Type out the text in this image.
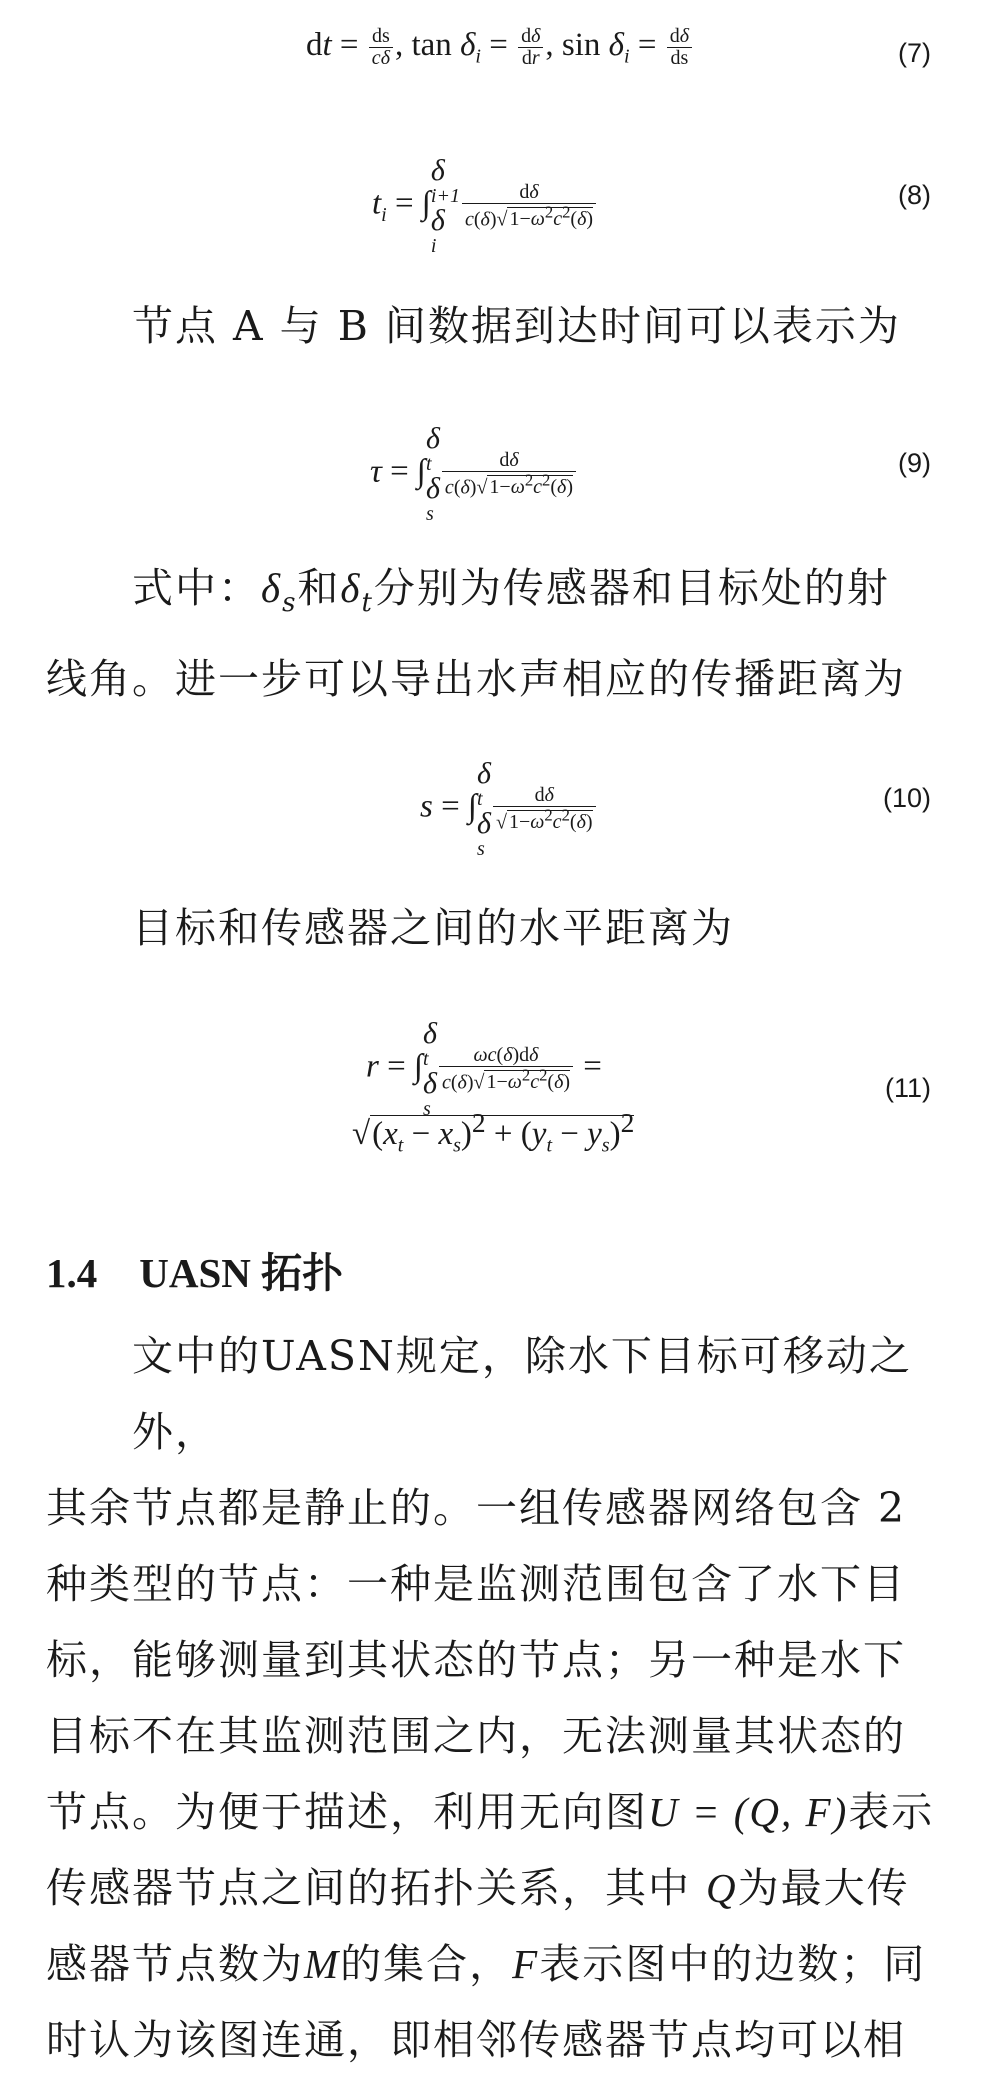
dt = $\frac{ds}{c\delta}$ , $\tan \delta_i = \frac{d\delta}{dr}$ , $\sin \delta_i = \frac{d\delta}{ds}$	(7)
$t_i$ = ∫
δ
i+1
δ
i
$\frac{d\delta}{c(\delta)√ 1-\omega^2c^2(\delta)}$	(8)
节点 A 与 B 间数据到达时间可以表示为
τ = ∫
δ
t
δ
s
$\frac{d\delta}{c(\delta)√ 1-\omega^2c^2(\delta)}$	(9)
式中：$\delta_s$和$\delta_t$分别为传感器和目标处的射
线角。进一步可以导出水声相应的传播距离为
s = ∫
δ
t
δ
s
$\frac{d\delta}{√ 1-\omega^2c^2(\delta)}$	(10)
目标和传感器之间的水平距离为
r = ∫
δ
t
δ
s
$\frac{\omega c(\delta)d\delta}{c(\delta)√ 1-\omega^2c^2(\delta)}$ =
$√(x_t - x_s)^2 + (y_t - y_s)^2$
(11)
1.4 UASN 拓扑
文中的UASN规定，除水下目标可移动之外，
其余节点都是静止的。一组传感器网络包含 2
种类型的节点：一种是监测范围包含了水下目
标，能够测量到其状态的节点；另一种是水下
目标不在其监测范围之内，无法测量其状态的
节点。为便于描述，利用无向图U = (Q, F)表示
传感器节点之间的拓扑关系，其中 Q为最大传
感器节点数为M的集合，F表示图中的边数；同
时认为该图连通，即相邻传感器节点均可以相
